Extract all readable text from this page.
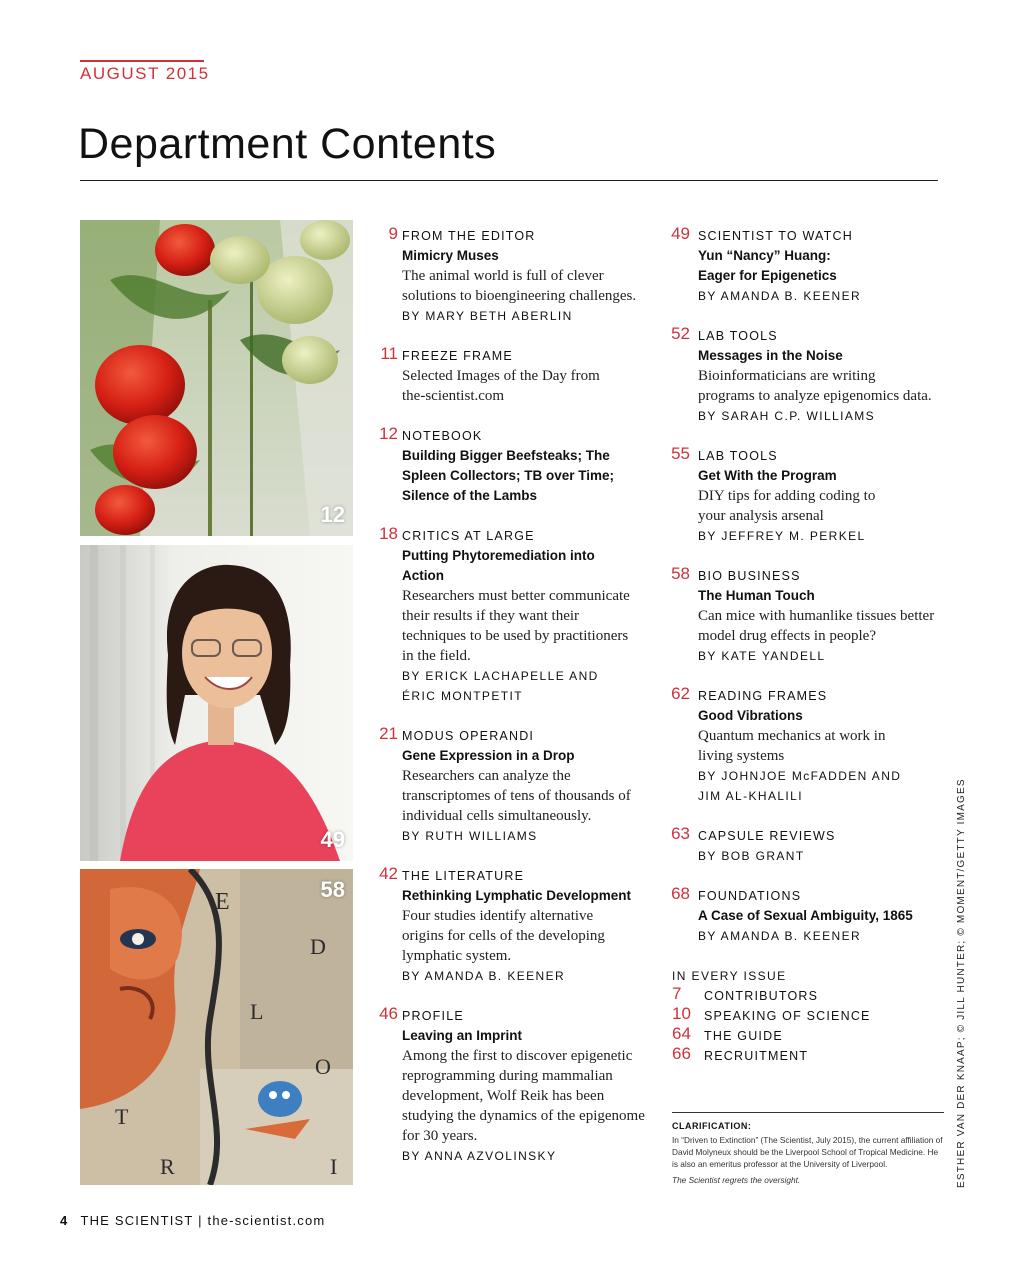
AUGUST 2015
Department Contents
12
49
E
D
L
O
T
R	I
58
9 FROM THE EDITOR
Mimicry Muses
The animal world is full of clever solutions to bioengineering challenges.
BY MARY BETH ABERLIN
11 FREEZE FRAME
Selected Images of the Day from the-scientist.com
12 NOTEBOOK
Building Bigger Beefsteaks; The Spleen Collectors; TB over Time; Silence of the Lambs
18 CRITICS AT LARGE
Putting Phytoremediation into Action
Researchers must better communicate their results if they want their techniques to be used by practitioners in the field.
BY ERICK LACHAPELLE AND ÉRIC MONTPETIT
21 MODUS OPERANDI
Gene Expression in a Drop
Researchers can analyze the transcriptomes of tens of thousands of individual cells simultaneously.
BY RUTH WILLIAMS
42 THE LITERATURE
Rethinking Lymphatic Development
Four studies identify alternative origins for cells of the developing lymphatic system.
BY AMANDA B. KEENER
46 PROFILE
Leaving an Imprint
Among the first to discover epigenetic reprogramming during mammalian development, Wolf Reik has been studying the dynamics of the epigenome for 30 years.
BY ANNA AZVOLINSKY
49 SCIENTIST TO WATCH
Yun “Nancy” Huang: Eager for Epigenetics
BY AMANDA B. KEENER
52 LAB TOOLS
Messages in the Noise
Bioinformaticians are writing programs to analyze epigenomics data.
BY SARAH C.P. WILLIAMS
55 LAB TOOLS
Get With the Program
DIY tips for adding coding to your analysis arsenal
BY JEFFREY M. PERKEL
58 BIO BUSINESS
The Human Touch
Can mice with humanlike tissues better model drug effects in people?
BY KATE YANDELL
62 READING FRAMES
Good Vibrations
Quantum mechanics at work in living systems
BY JOHNJOE McFADDEN AND JIM AL-KHALILI
63 CAPSULE REVIEWS
BY BOB GRANT
68 FOUNDATIONS
A Case of Sexual Ambiguity, 1865
BY AMANDA B. KEENER
IN EVERY ISSUE
7	CONTRIBUTORS
10	SPEAKING OF SCIENCE
64	THE GUIDE
66	RECRUITMENT
CLARIFICATION:
In “Driven to Extinction” (The Scientist, July 2015), the current affiliation of David Molyneux should be the Liverpool School of Tropical Medicine. He is also an emeritus professor at the University of Liverpool.
The Scientist regrets the oversight.	ESTHER VAN DER KNAAP; © JILL HUNTER; © MOMENT/GETTY IMAGES
4 THE SCIENTIST | the-scientist.com
